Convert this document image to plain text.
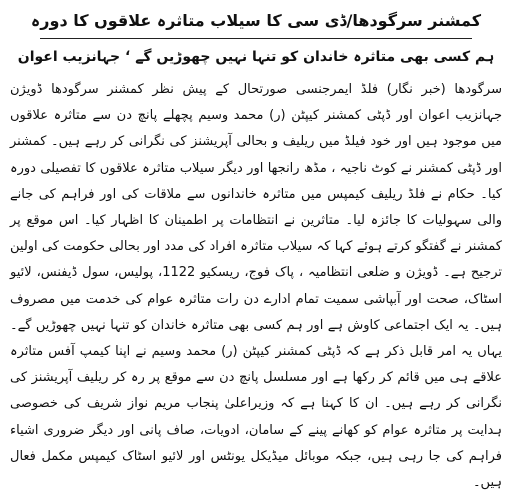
کمشنر سرگودھا/ڈی سی کا سیلاب متاثرہ علاقوں کا دورہ
ہم کسی بھی متاثرہ خاندان کو تنہا نہیں چھوڑیں گے ‘ جہانزیب اعوان

سرگودھا (خبر نگار) فلڈ ایمرجنسی صورتحال کے پیش نظر کمشنر سرگودھا ڈویژن جہانزیب اعوان اور ڈپٹی کمشنر کیپٹن (ر) محمد وسیم پچھلے پانچ دن سے متاثرہ علاقوں میں موجود ہیں اور خود فیلڈ میں ریلیف و بحالی آپریشنز کی نگرانی کر رہے ہیں۔ کمشنر اور ڈپٹی کمشنر نے کوٹ ناجیہ ، مڈھ رانجھا اور دیگر سیلاب متاثرہ علاقوں کا تفصیلی دورہ کیا۔ حکام نے فلڈ ریلیف کیمپس میں متاثرہ خاندانوں سے ملاقات کی اور فراہم کی جانے والی سہولیات کا جائزہ لیا۔ متاثرین نے انتظامات پر اطمینان کا اظہار کیا۔ اس موقع پر کمشنر نے گفتگو کرتے ہوئے کہا کہ سیلاب متاثرہ افراد کی مدد اور بحالی حکومت کی اولین ترجیح ہے۔ ڈویژن و ضلعی انتظامیہ ، پاک فوج، ریسکیو 1122، پولیس، سول ڈیفنس، لائیو اسٹاک، صحت اور آبپاشی سمیت تمام ادارے دن رات متاثرہ عوام کی خدمت میں مصروف ہیں۔ یہ ایک اجتماعی کاوش ہے اور ہم کسی بھی متاثرہ خاندان کو تنہا نہیں چھوڑیں گے۔ یہاں یہ امر قابل ذکر ہے کہ ڈپٹی کمشنر کیپٹن (ر) محمد وسیم نے اپنا کیمپ آفس متاثرہ علاقے ہی میں قائم کر رکھا ہے اور مسلسل پانچ دن سے موقع پر رہ کر ریلیف آپریشنز کی نگرانی کر رہے ہیں۔ ان کا کہنا ہے کہ وزیراعلیٰ پنجاب مریم نواز شریف کی خصوصی ہدایت پر متاثرہ عوام کو کھانے پینے کے سامان، ادویات، صاف پانی اور دیگر ضروری اشیاء فراہم کی جا رہی ہیں، جبکہ موبائل میڈیکل یونٹس اور لائیو اسٹاک کیمپس مکمل فعال ہیں۔
